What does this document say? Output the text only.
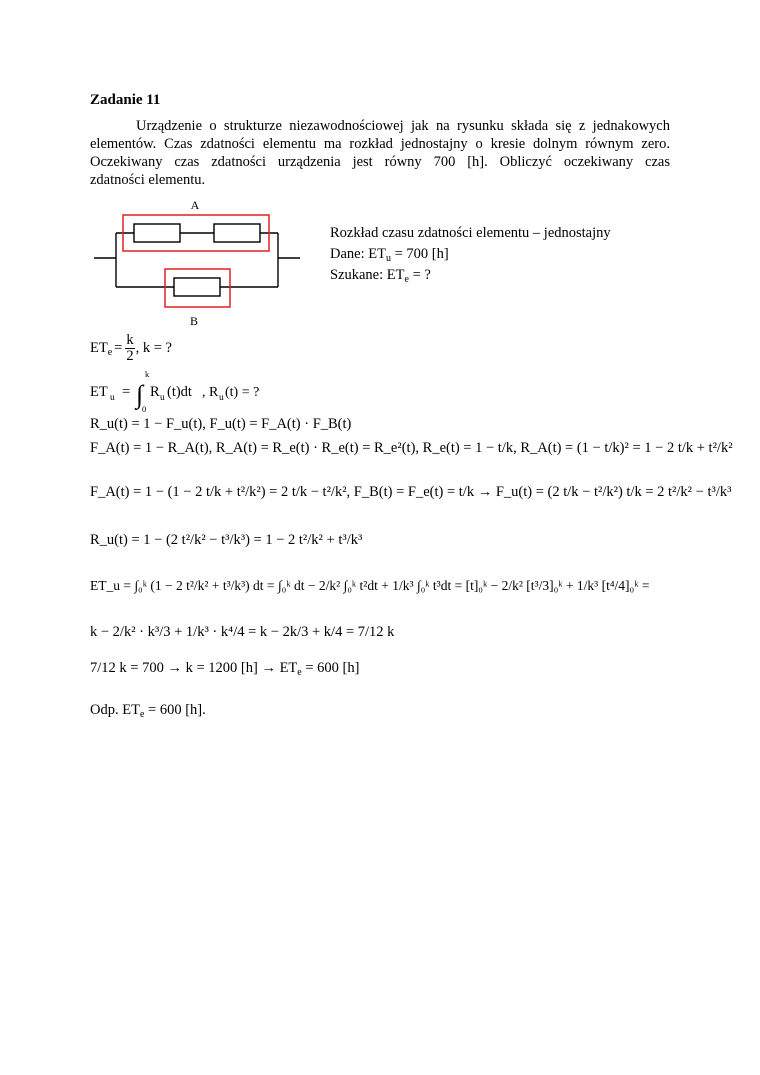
Zadanie 11
Urządzenie o strukturze niezawodnościowej jak na rysunku składa się z jednakowych
elementów. Czas zdatności elementu ma rozkład jednostajny o kresie dolnym równym zero.
Oczekiwany czas zdatności urządzenia jest równy 700 [h]. Obliczyć oczekiwany czas
zdatności elementu.
A
B
Rozkład czasu zdatności elementu – jednostajny
Dane: $ET_u = 700$ [h]
Szukane: $ET_e$ = ?
$ET_e = \frac{k}{2}$ , k = ?
ET u = ∫
k
0
R u (t)dt , R u (t) = ?
R_u(t) = 1 − F_u(t), F_u(t) = F_A(t) · F_B(t)
F_A(t) = 1 − R_A(t), R_A(t) = R_e(t) · R_e(t) = R_e²(t), R_e(t) = 1 − t/k, R_A(t) = (1 − t/k)² = 1 − 2 t/k + t²/k²
F_A(t) = 1 − (1 − 2 t/k + t²/k²) = 2 t/k − t²/k², F_B(t) = F_e(t) = t/k → F_u(t) = (2 t/k − t²/k²) t/k = 2 t²/k² − t³/k³
R_u(t) = 1 − (2 t²/k² − t³/k³) = 1 − 2 t²/k² + t³/k³
ET_u = ∫₀ᵏ (1 − 2 t²/k² + t³/k³) dt = ∫₀ᵏ dt − 2/k² ∫₀ᵏ t²dt + 1/k³ ∫₀ᵏ t³dt = [t]₀ᵏ − 2/k² [t³/3]₀ᵏ + 1/k³ [t⁴/4]₀ᵏ =
k − 2/k² · k³/3 + 1/k³ · k⁴/4 = k − 2k/3 + k/4 = 7/12 k
7/12 k = 700 → k = 1200 $[h] \to ET_e = 600$ [h]
Odp. $ET_e = 600$ [h].
